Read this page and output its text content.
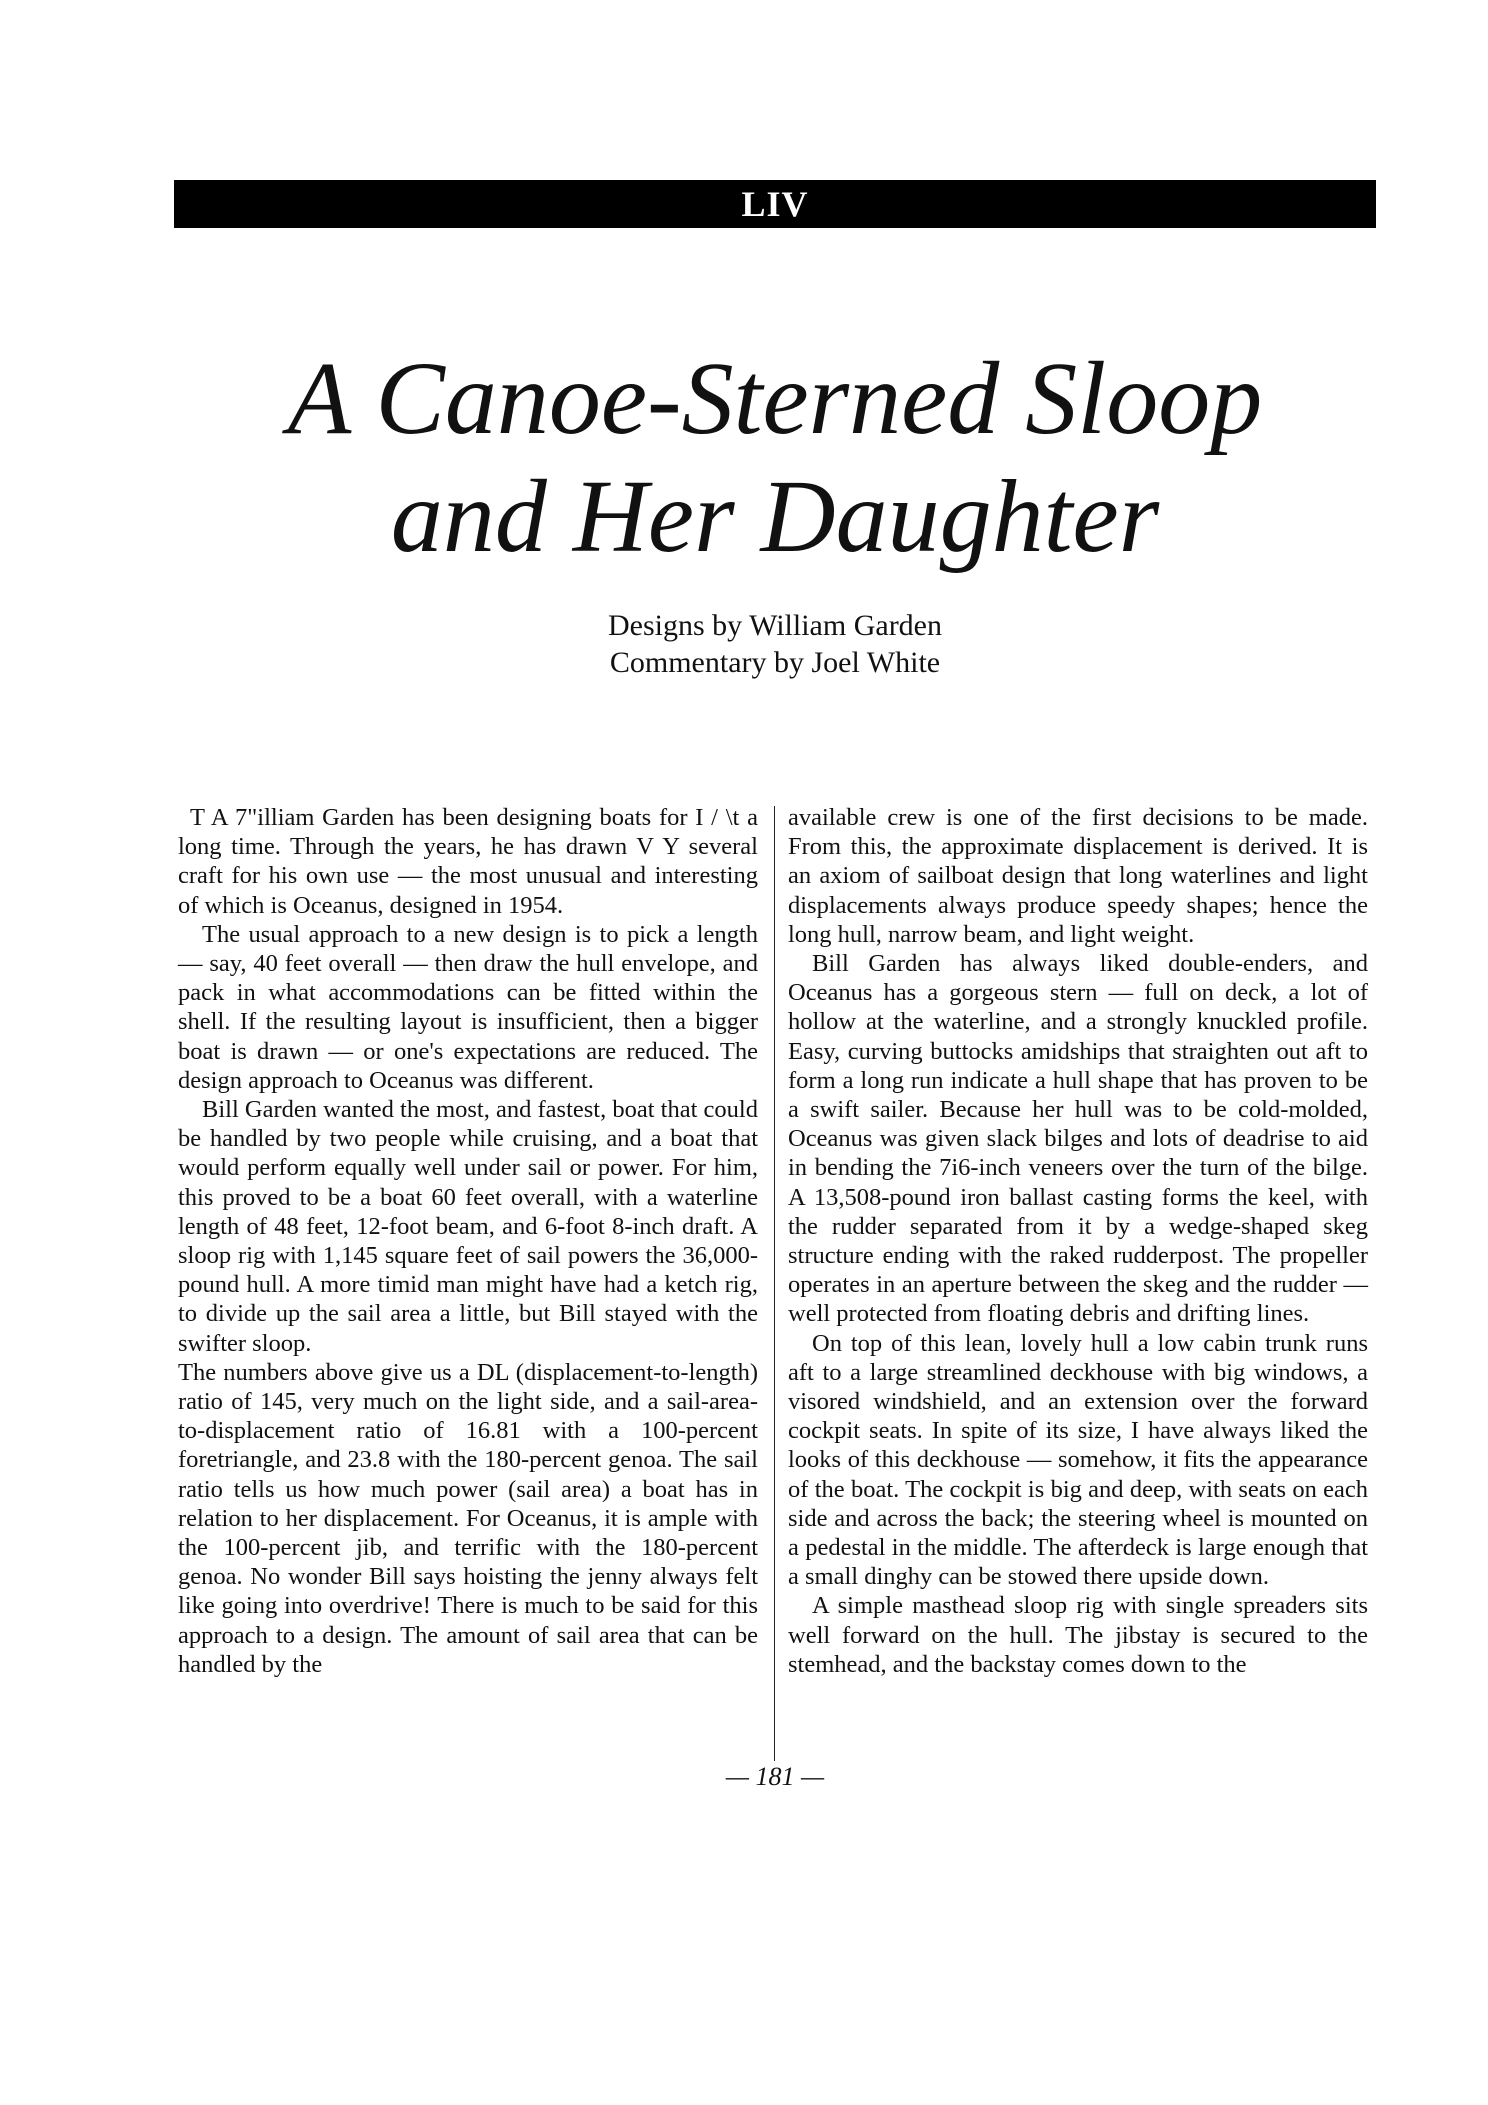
LIV
A Canoe-Sterned Sloop
and Her Daughter
Designs by William Garden
Commentary by Joel White

T A 7"illiam Garden has been designing boats for I / \t a long time. Through the years, he has drawn V Y several craft for his own use — the most unusual and interesting of which is Oceanus, designed in 1954.

The usual approach to a new design is to pick a length — say, 40 feet overall — then draw the hull envelope, and pack in what accommodations can be fitted within the shell. If the resulting layout is insufficient, then a bigger boat is drawn — or one's expectations are reduced. The design approach to Oceanus was different.

Bill Garden wanted the most, and fastest, boat that could be handled by two people while cruising, and a boat that would perform equally well under sail or power. For him, this proved to be a boat 60 feet overall, with a waterline length of 48 feet, 12-foot beam, and 6-foot 8-inch draft. A sloop rig with 1,145 square feet of sail powers the 36,000-pound hull. A more timid man might have had a ketch rig, to divide up the sail area a little, but Bill stayed with the swifter sloop.

The numbers above give us a DL (displacement-to-length) ratio of 145, very much on the light side, and a sail-area-to-displacement ratio of 16.81 with a 100-percent foretriangle, and 23.8 with the 180-percent genoa. The sail ratio tells us how much power (sail area) a boat has in relation to her displacement. For Oceanus, it is ample with the 100-percent jib, and terrific with the 180-percent genoa. No wonder Bill says hoisting the jenny always felt like going into overdrive! There is much to be said for this approach to a design. The amount of sail area that can be handled by the

available crew is one of the first decisions to be made. From this, the approximate displacement is derived. It is an axiom of sailboat design that long waterlines and light displacements always produce speedy shapes; hence the long hull, narrow beam, and light weight.

Bill Garden has always liked double-enders, and Oceanus has a gorgeous stern — full on deck, a lot of hollow at the waterline, and a strongly knuckled profile. Easy, curving buttocks amidships that straighten out aft to form a long run indicate a hull shape that has proven to be a swift sailer. Because her hull was to be cold-molded, Oceanus was given slack bilges and lots of deadrise to aid in bending the 7i6-inch veneers over the turn of the bilge. A 13,508-pound iron ballast casting forms the keel, with the rudder separated from it by a wedge-shaped skeg structure ending with the raked rudderpost. The propeller operates in an aperture between the skeg and the rudder — well protected from floating debris and drifting lines.

On top of this lean, lovely hull a low cabin trunk runs aft to a large streamlined deckhouse with big windows, a visored windshield, and an extension over the forward cockpit seats. In spite of its size, I have always liked the looks of this deckhouse — somehow, it fits the appearance of the boat. The cockpit is big and deep, with seats on each side and across the back; the steering wheel is mounted on a pedestal in the middle. The afterdeck is large enough that a small dinghy can be stowed there upside down.

A simple masthead sloop rig with single spreaders sits well forward on the hull. The jibstay is secured to the stemhead, and the backstay comes down to the

— 181 —
